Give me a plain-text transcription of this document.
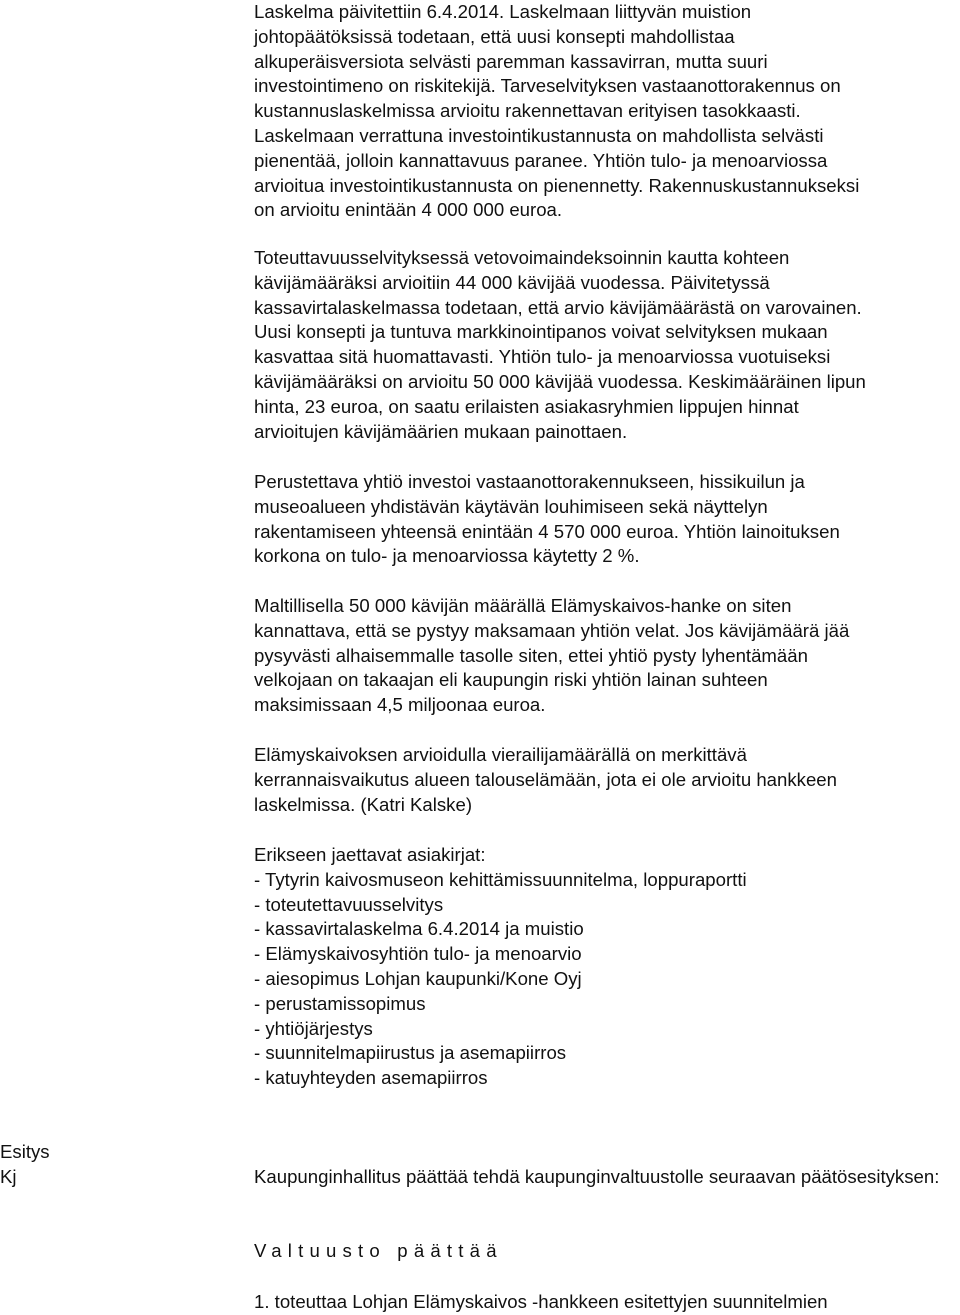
Laskelma päivitettiin 6.4.2014. Laskelmaan liittyvän muistion
johtopäätöksissä todetaan, että uusi konsepti mahdollistaa
alkuperäisversiota selvästi paremman kassavirran, mutta suuri
investointimeno on riskitekijä. Tarveselvityksen vastaanottorakennus on
kustannuslaskelmissa arvioitu rakennettavan erityisen tasokkaasti.
Laskelmaan verrattuna investointikustannusta on mahdollista selvästi
pienentää, jolloin kannattavuus paranee. Yhtiön tulo- ja menoarviossa
arvioitua investointikustannusta on pienennetty. Rakennuskustannukseksi
on arvioitu enintään 4 000 000 euroa.

Toteuttavuusselvityksessä vetovoimaindeksoinnin kautta kohteen
kävijämääräksi arvioitiin 44 000 kävijää vuodessa. Päivitetyssä
kassavirtalaskelmassa todetaan, että arvio kävijämäärästä on varovainen.
Uusi konsepti ja tuntuva markkinointipanos voivat selvityksen mukaan
kasvattaa sitä huomattavasti. Yhtiön tulo- ja menoarviossa vuotuiseksi
kävijämääräksi on arvioitu 50 000 kävijää vuodessa. Keskimääräinen lipun
hinta, 23 euroa, on saatu erilaisten asiakasryhmien lippujen hinnat
arvioitujen kävijämäärien mukaan painottaen.

Perustettava yhtiö investoi vastaanottorakennukseen, hissikuilun ja
museoalueen yhdistävän käytävän louhimiseen sekä näyttelyn
rakentamiseen yhteensä enintään 4 570 000 euroa. Yhtiön lainoituksen
korkona on tulo- ja menoarviossa käytetty 2 %.

Maltillisella 50 000 kävijän määrällä Elämyskaivos-hanke on siten
kannattava, että se pystyy maksamaan yhtiön velat. Jos kävijämäärä jää
pysyvästi alhaisemmalle tasolle siten, ettei yhtiö pysty lyhentämään
velkojaan on takaajan eli kaupungin riski yhtiön lainan suhteen
maksimissaan 4,5 miljoonaa euroa.

Elämyskaivoksen arvioidulla vierailijamäärällä on merkittävä
kerrannaisvaikutus alueen talouselämään, jota ei ole arvioitu hankkeen
laskelmissa. (Katri Kalske)

Erikseen jaettavat asiakirjat:
- Tytyrin kaivosmuseon kehittämissuunnitelma, loppuraportti
- toteutettavuusselvitys
- kassavirtalaskelma 6.4.2014 ja muistio
- Elämyskaivosyhtiön tulo- ja menoarvio
- aiesopimus Lohjan kaupunki/Kone Oyj
- perustamissopimus
- yhtiöjärjestys
- suunnitelmapiirustus ja asemapiirros
- katuyhteyden asemapiirros
Esitys
Kj	Kaupunginhallitus päättää tehdä kaupunginvaltuustolle seuraavan päätösesityksen:
Valtuusto päättää
1. toteuttaa Lohjan Elämyskaivos -hankkeen esitettyjen suunnitelmien
